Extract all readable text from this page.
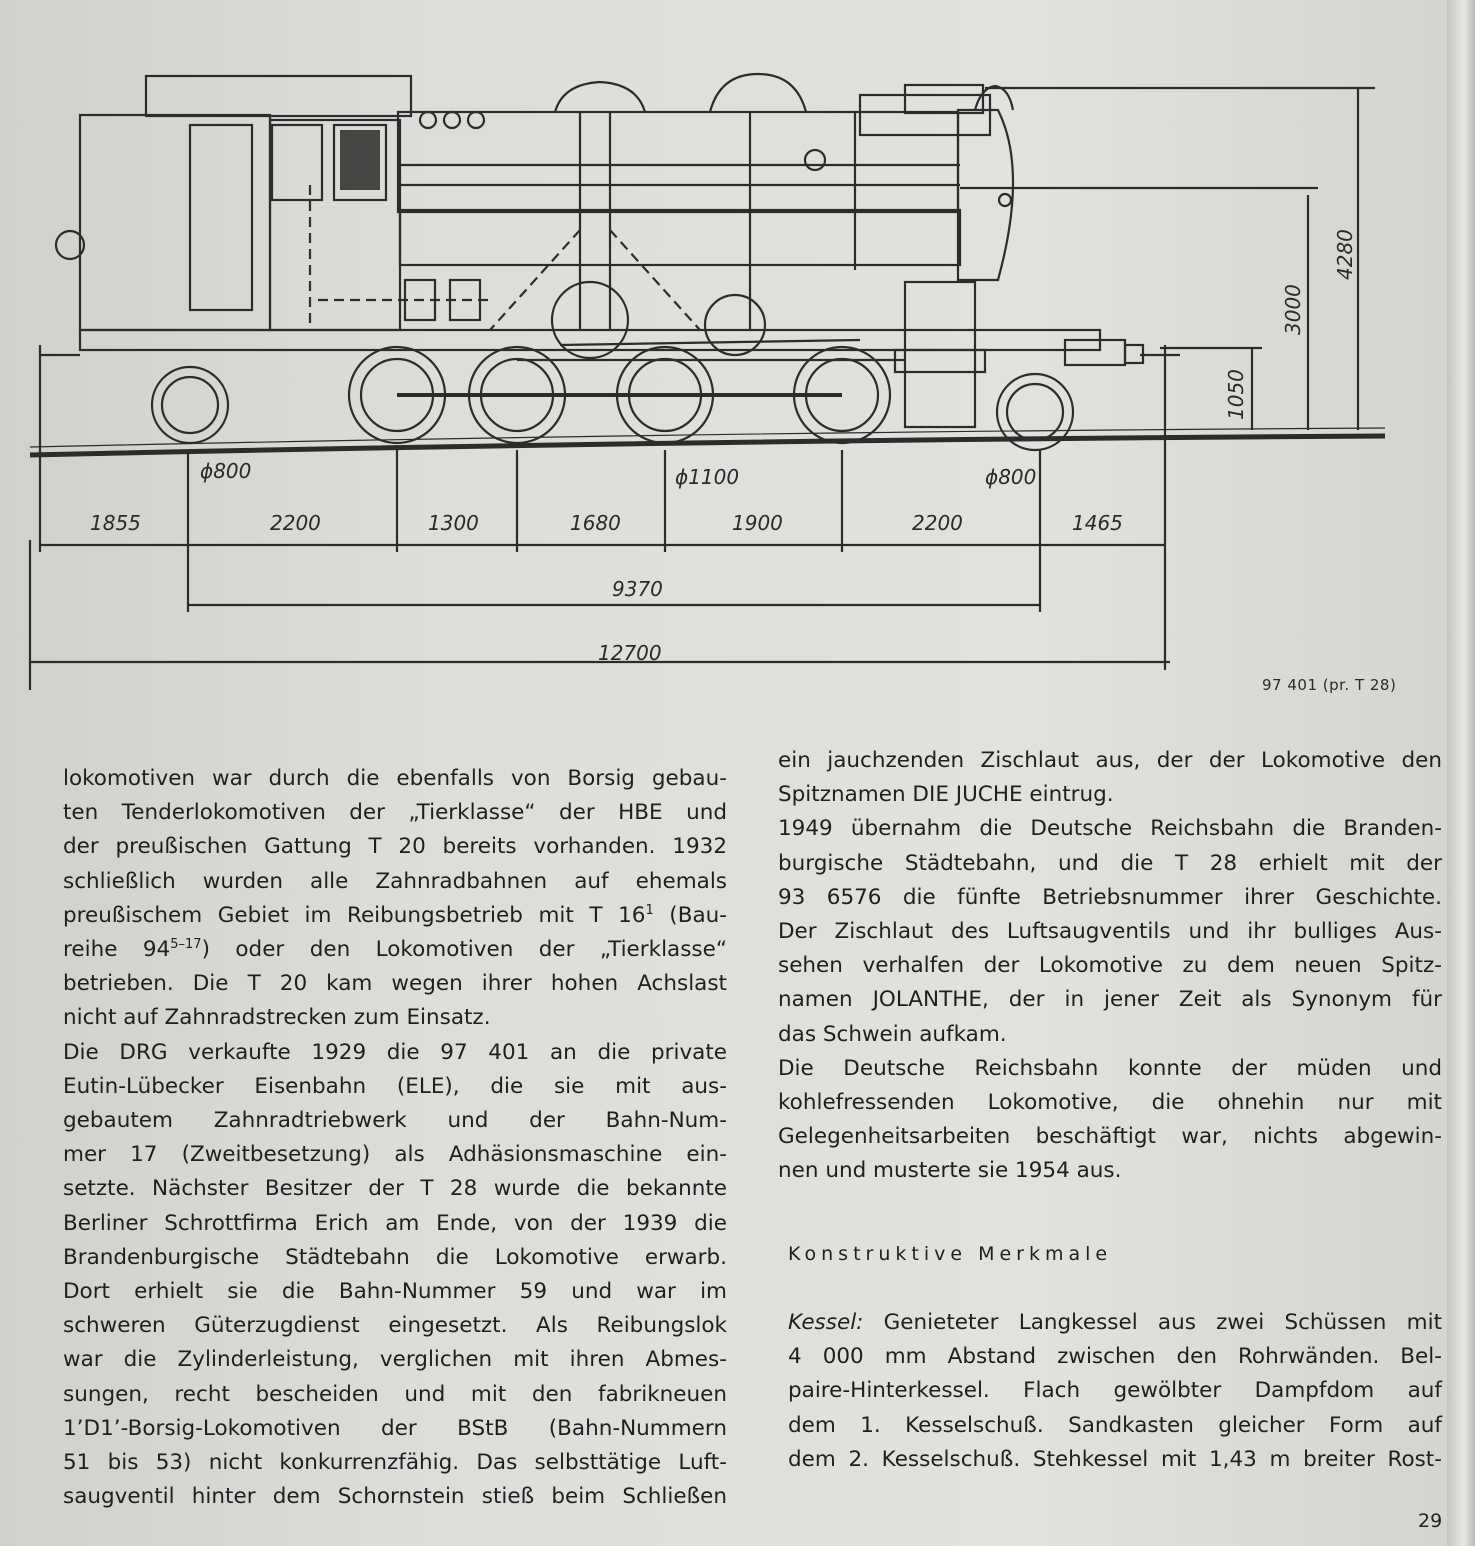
1855	2200	1300	1680	1900	2200	1465
9370
12700
ϕ800	ϕ1100	ϕ800
1050
3000
4280
97 401 (pr. T 28)

lokomotiven war durch die ebenfalls von Borsig gebau-

ten Tenderlokomotiven der „Tierklasse“ der HBE und

der preußischen Gattung T 20 bereits vorhanden. 1932

schließlich wurden alle Zahnradbahnen auf ehemals

preußischem Gebiet im Reibungsbetrieb mit T $16^1$ (Bau-

reihe 94$^{5-17}$) oder den Lokomotiven der „Tierklasse“

betrieben. Die T 20 kam wegen ihrer hohen Achslast

nicht auf Zahnradstrecken zum Einsatz.

Die DRG verkaufte 1929 die 97 401 an die private

Eutin-Lübecker Eisenbahn (ELE), die sie mit aus-

gebautem Zahnradtriebwerk und der Bahn-Num-

mer 17 (Zweitbesetzung) als Adhäsionsmaschine ein-

setzte. Nächster Besitzer der T 28 wurde die bekannte

Berliner Schrottfirma Erich am Ende, von der 1939 die

Brandenburgische Städtebahn die Lokomotive erwarb.

Dort erhielt sie die Bahn-Nummer 59 und war im

schweren Güterzugdienst eingesetzt. Als Reibungslok

war die Zylinderleistung, verglichen mit ihren Abmes-

sungen, recht bescheiden und mit den fabrikneuen

1’D1’-Borsig-Lokomotiven der BStB (Bahn-Nummern

51 bis 53) nicht konkurrenzfähig. Das selbsttätige Luft-

saugventil hinter dem Schornstein stieß beim Schließen

ein jauchzenden Zischlaut aus, der der Lokomotive den

Spitznamen DIE JUCHE eintrug.

1949 übernahm die Deutsche Reichsbahn die Branden-

burgische Städtebahn, und die T 28 erhielt mit der

93 6576 die fünfte Betriebsnummer ihrer Geschichte.

Der Zischlaut des Luftsaugventils und ihr bulliges Aus-

sehen verhalfen der Lokomotive zu dem neuen Spitz-

namen JOLANTHE, der in jener Zeit als Synonym für

das Schwein aufkam.

Die Deutsche Reichsbahn konnte der müden und

kohlefressenden Lokomotive, die ohnehin nur mit

Gelegenheitsarbeiten beschäftigt war, nichts abgewin-

nen und musterte sie 1954 aus.

Konstruktive Merkmale

Kessel: Genieteter Langkessel aus zwei Schüssen mit

4 000 mm Abstand zwischen den Rohrwänden. Bel-

paire-Hinterkessel. Flach gewölbter Dampfdom auf

dem 1. Kesselschuß. Sandkasten gleicher Form auf

dem 2. Kesselschuß. Stehkessel mit 1,43 m breiter Rost-

29
